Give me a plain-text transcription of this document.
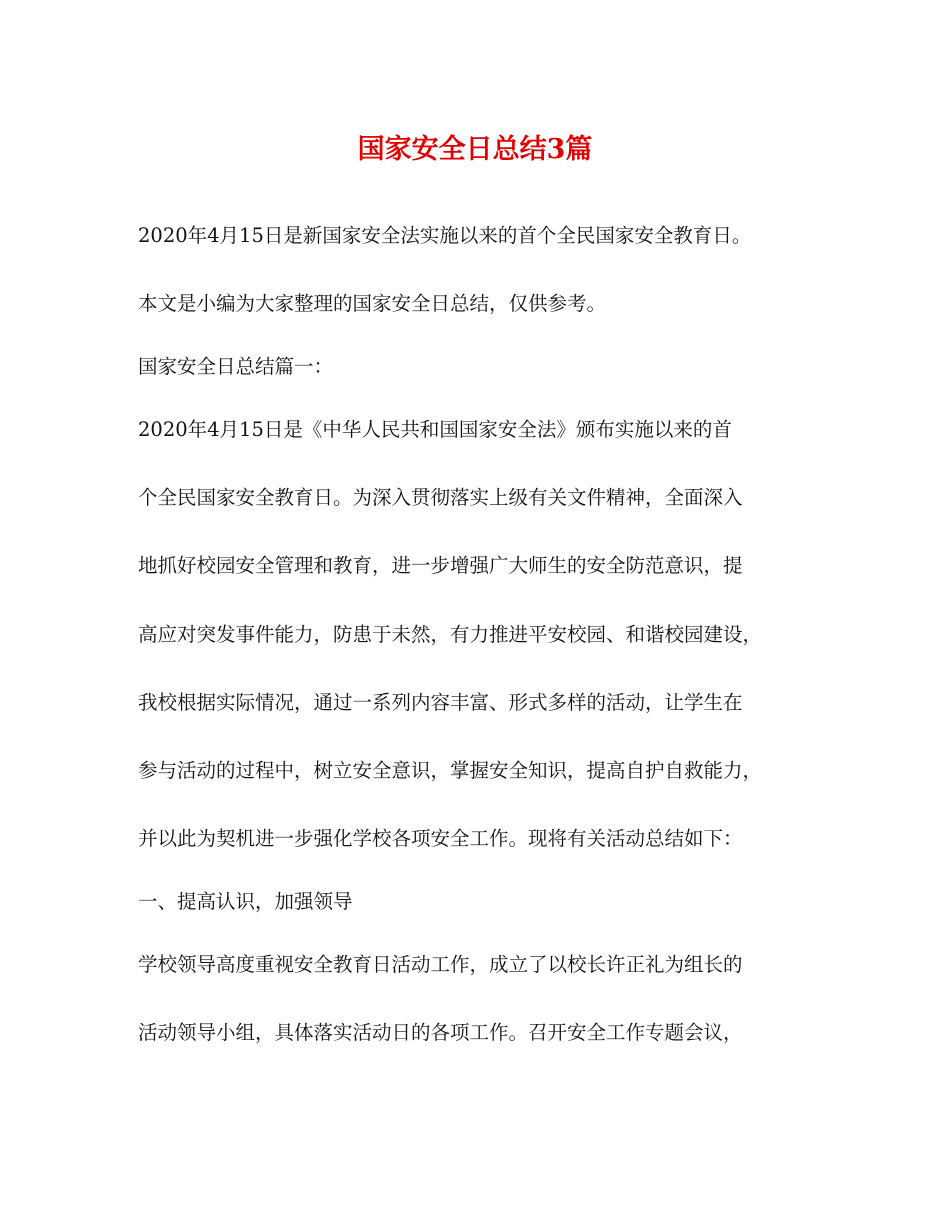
国家安全日总结3篇

2020年4月15日是新国家安全法实施以来的首个全民国家安全教育日。

本文是小编为大家整理的国家安全日总结，仅供参考。

国家安全日总结篇一：

2020年4月15日是《中华人民共和国国家安全法》颁布实施以来的首

个全民国家安全教育日。为深入贯彻落实上级有关文件精神，全面深入

地抓好校园安全管理和教育，进一步增强广大师生的安全防范意识，提

高应对突发事件能力，防患于未然，有力推进平安校园、和谐校园建设，

我校根据实际情况，通过一系列内容丰富、形式多样的活动，让学生在

参与活动的过程中，树立安全意识，掌握安全知识，提高自护自救能力，

并以此为契机进一步强化学校各项安全工作。现将有关活动总结如下：

一、提高认识，加强领导

学校领导高度重视安全教育日活动工作，成立了以校长许正礼为组长的

活动领导小组，具体落实活动日的各项工作。召开安全工作专题会议，
